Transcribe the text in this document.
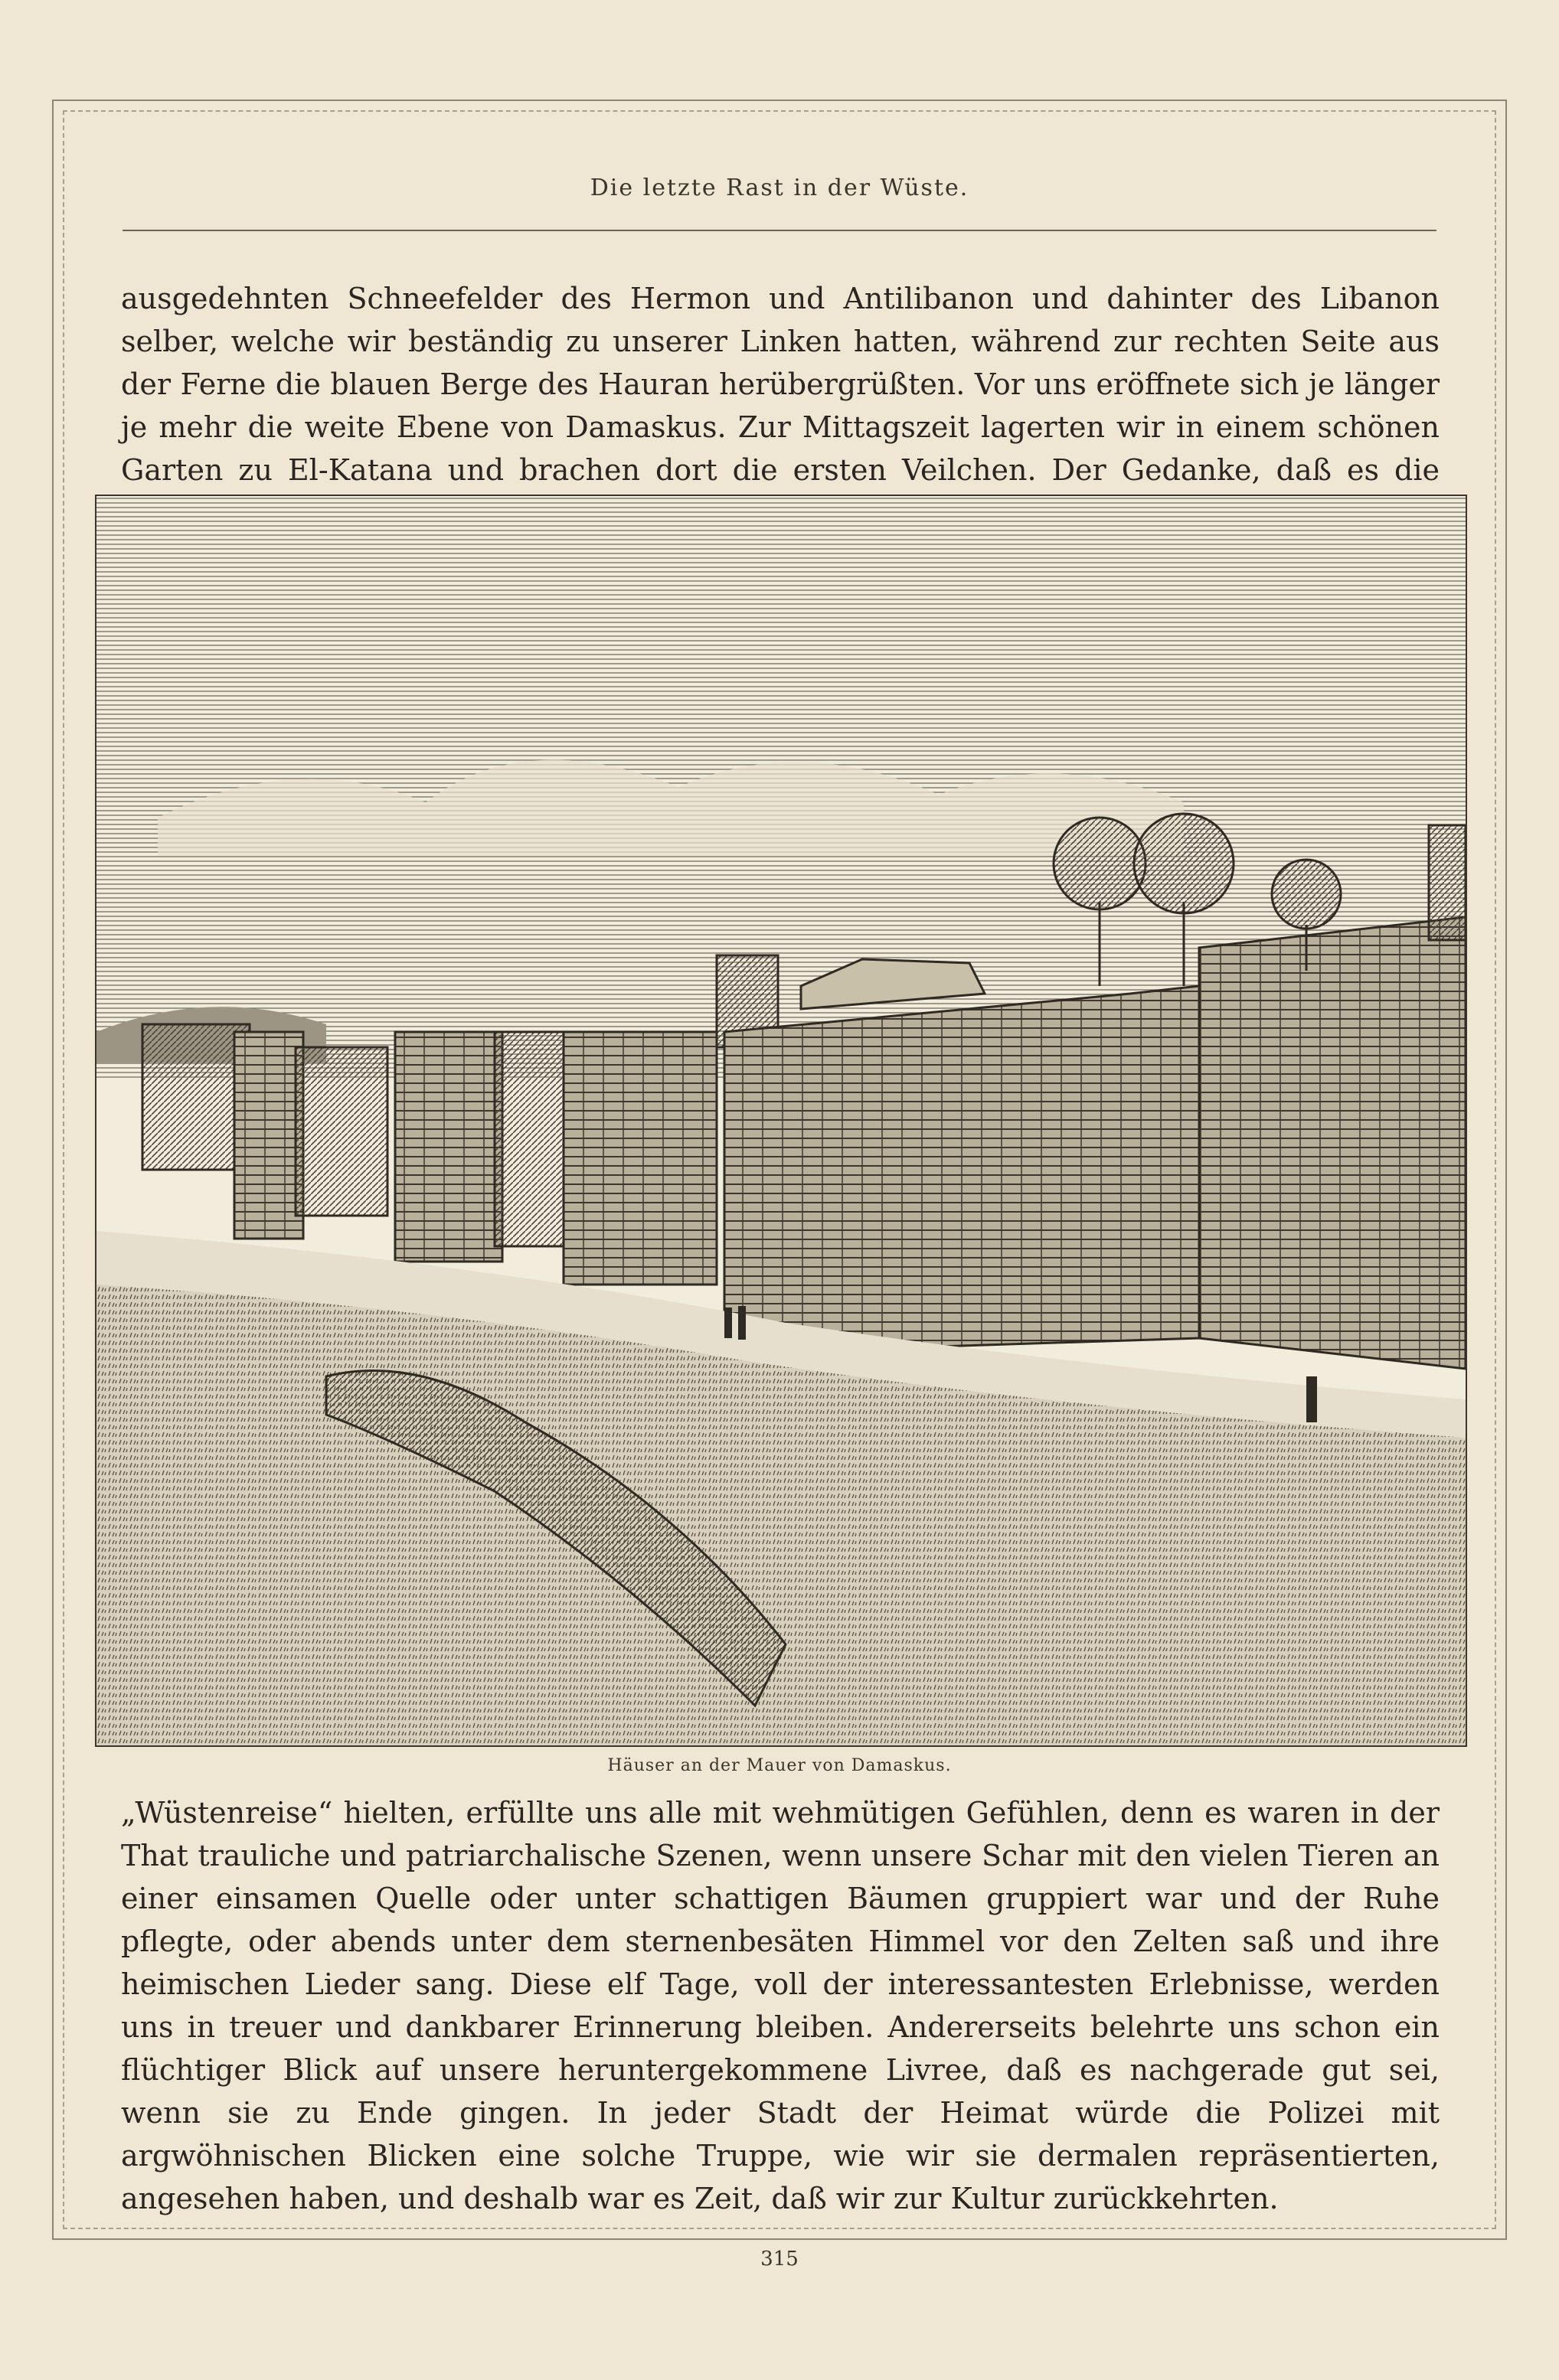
Die letzte Rast in der Wüste.

ausgedehnten Schneefelder des Hermon und Antilibanon und dahinter des Libanon selber, welche wir beständig zu unserer Linken hatten, während zur rechten Seite aus der Ferne die blauen Berge des Hauran herübergrüßten. Vor uns eröffnete sich je länger je mehr die weite Ebene von Damaskus. Zur Mittagszeit lagerten wir in einem schönen Garten zu El-Katana und brachen dort die ersten Veilchen. Der Gedanke, daß es die

Häuser an der Mauer von Damaskus.

„Wüstenreise“ hielten, erfüllte uns alle mit wehmütigen Gefühlen, denn es waren in der That trauliche und patriarchalische Szenen, wenn unsere Schar mit den vielen Tieren an einer einsamen Quelle oder unter schattigen Bäumen gruppiert war und der Ruhe pflegte, oder abends unter dem sternenbesäten Himmel vor den Zelten saß und ihre heimischen Lieder sang. Diese elf Tage, voll der interessantesten Erlebnisse, werden uns in treuer und dankbarer Erinnerung bleiben. Andererseits belehrte uns schon ein flüchtiger Blick auf unsere heruntergekommene Livree, daß es nachgerade gut sei, wenn sie zu Ende gingen. In jeder Stadt der Heimat würde die Polizei mit argwöhnischen Blicken eine solche Truppe, wie wir sie dermalen repräsentierten, angesehen haben, und deshalb war es Zeit, daß wir zur Kultur zurückkehrten.

315
